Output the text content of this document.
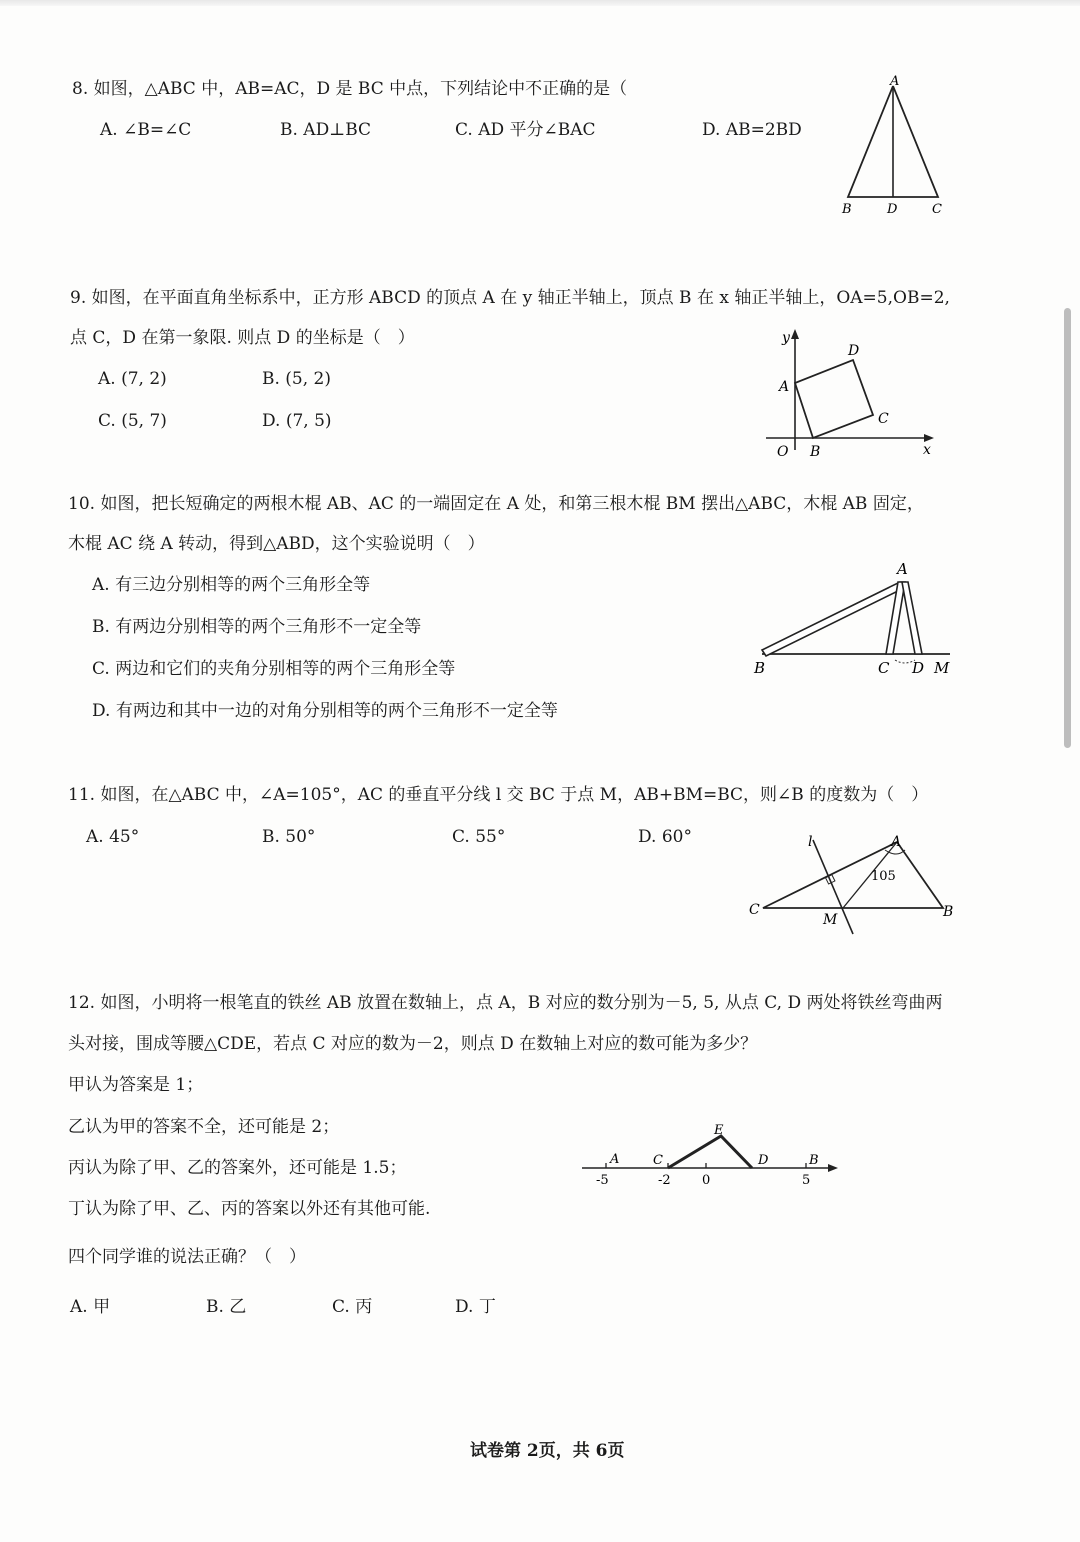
8. 如图，△ABC 中，AB=AC，D 是 BC 中点，下列结论中不正确的是（
A. ∠B=∠C	B. AD⊥BC	C. AD 平分∠BAC	D. AB=2BD
A
B	D	C
9. 如图，在平面直角坐标系中，正方形 ABCD 的顶点 A 在 y 轴正半轴上，顶点 B 在 x 轴正半轴上，OA=5,OB=2,
点 C，D 在第一象限. 则点 D 的坐标是（　）
A. (7, 2)	B. (5, 2)
C. (5, 7)	D. (7, 5)
y
x
O
A
B
C
D
10. 如图，把长短确定的两根木棍 AB、AC 的一端固定在 A 处，和第三根木棍 BM 摆出△ABC，木棍 AB 固定，
木棍 AC 绕 A 转动，得到△ABD，这个实验说明（　）
A. 有三边分别相等的两个三角形全等
B. 有两边分别相等的两个三角形不一定全等
C. 两边和它们的夹角分别相等的两个三角形全等
D. 有两边和其中一边的对角分别相等的两个三角形不一定全等
A
B	C D M
11. 如图，在△ABC 中，∠A=105°，AC 的垂直平分线 l 交 BC 于点 M，AB+BM=BC，则∠B 的度数为（　）
A. 45°	B. 50°	C. 55°	D. 60°	l	A
B
C
M
105
12. 如图，小明将一根笔直的铁丝 AB 放置在数轴上，点 A，B 对应的数分别为－5, 5, 从点 C, D 两处将铁丝弯曲两
头对接，围成等腰△CDE，若点 C 对应的数为－2，则点 D 在数轴上对应的数可能为多少？
甲认为答案是 1；
乙认为甲的答案不全，还可能是 2；
丙认为除了甲、乙的答案外，还可能是 1.5；
丁认为除了甲、乙、丙的答案以外还有其他可能.
四个同学谁的说法正确？（　）
A. 甲	B. 乙	C. 丙	D. 丁
A	C
E
D	B
-5	-2 0	5
试卷第 2页，共 6页
